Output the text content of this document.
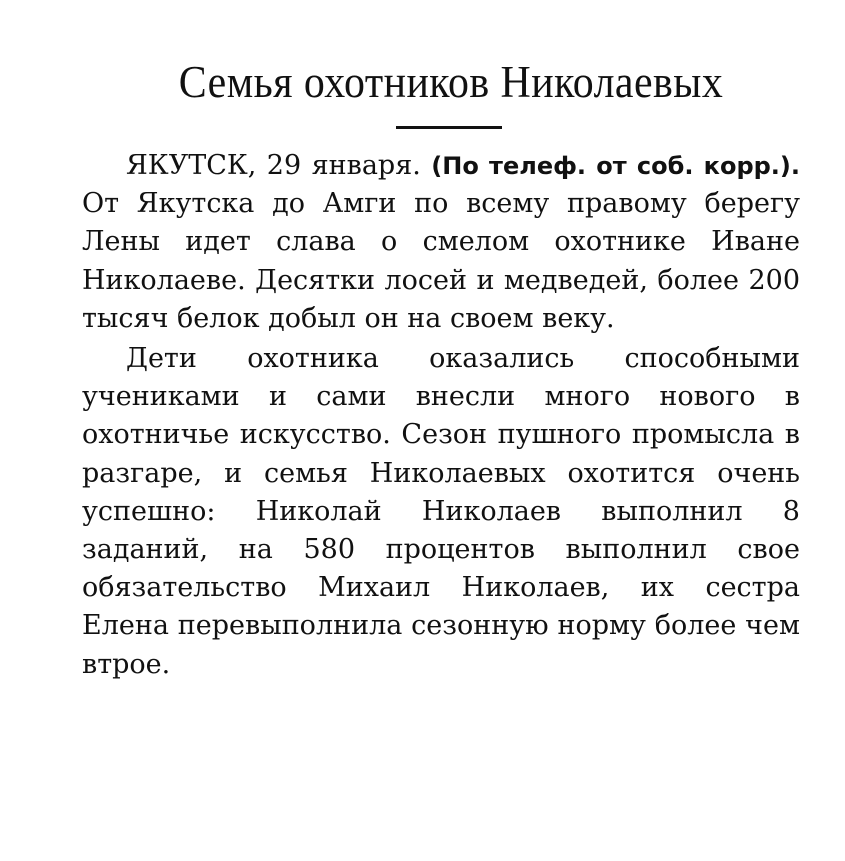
Семья охотников Николаевых

ЯКУТСК, 29 января. (По телеф. от соб. корр.). От Якутска до Амги по всему правому берегу Лены идет слава о смелом охотнике Иване Николаеве. Десятки лосей и медведей, более 200 тысяч белок добыл он на своем веку.

Дети охотника оказались способными учениками и сами внесли много нового в охотничье искусство. Сезон пушного промысла в разгаре, и семья Николаевых охотится очень успешно: Николай Николаев выполнил 8 заданий, на 580 процентов выполнил свое обязательство Михаил Николаев, их сестра Елена перевыполнила сезонную норму более чем втрое.
